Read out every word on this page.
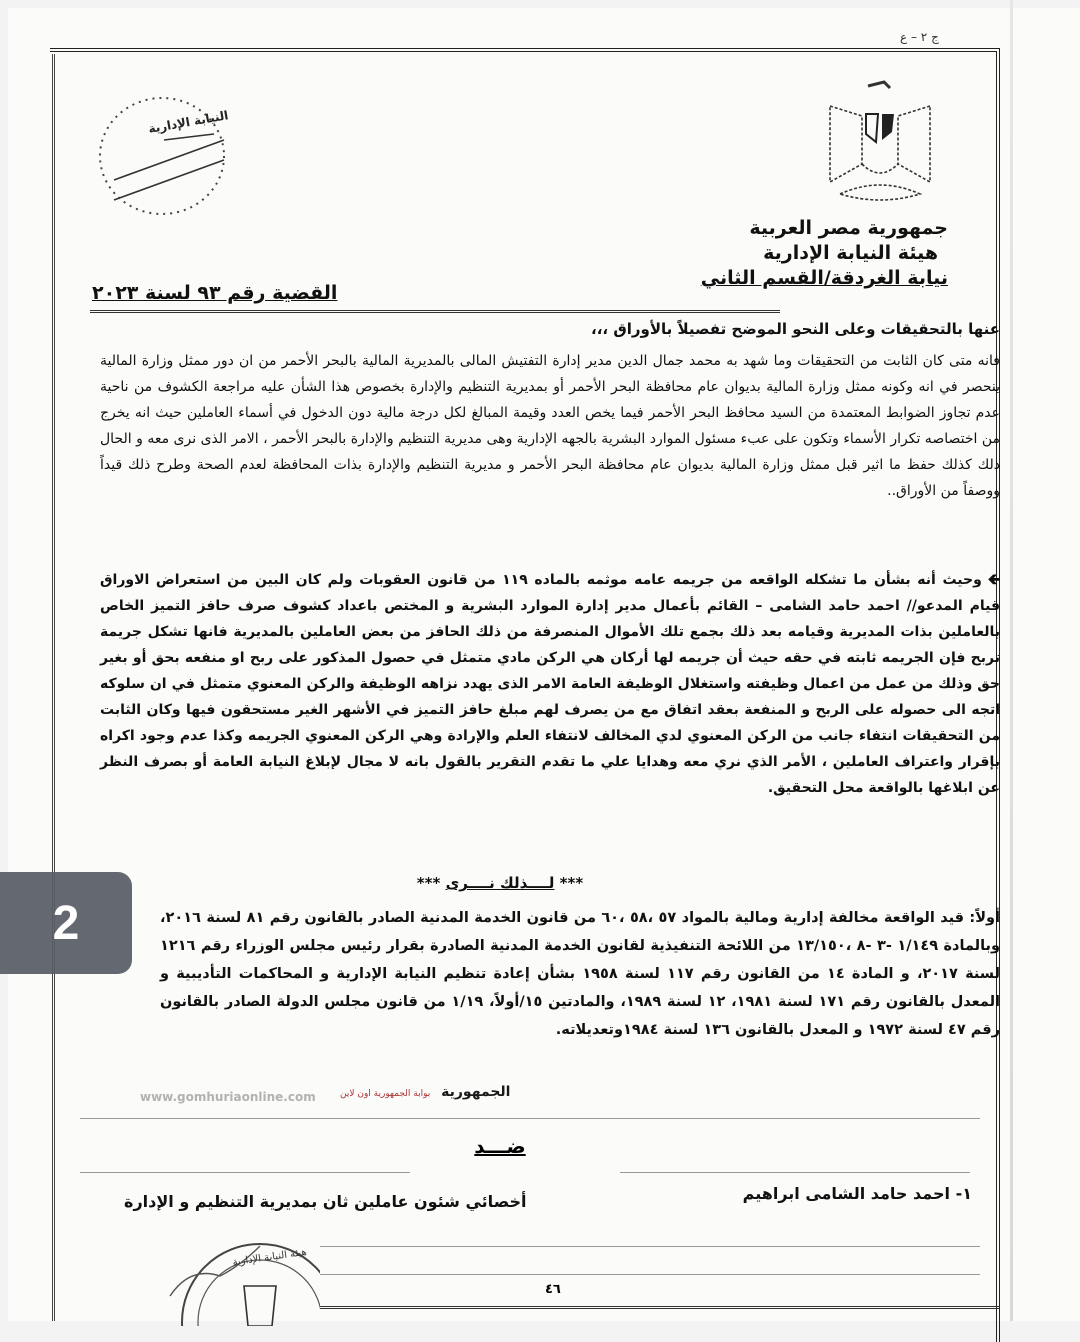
ج ٢ – ع
النيابة الإدارية
جمهورية مصر العربية
هيئة النيابة الإدارية
نيابة الغردقة/القسم الثاني
القضية رقم ٩٣ لسنة ٢٠٢٣
عنها بالتحقيقات وعلى النحو الموضح تفصيلاً بالأوراق ،،،
فانه متى كان الثابت من التحقيقات وما شهد به محمد جمال الدين مدير إدارة التفتيش المالى بالمديرية المالية بالبحر الأحمر من ان دور ممثل وزارة المالية ينحصر في انه وكونه ممثل وزارة المالية بديوان عام محافظة البحر الأحمر أو بمديرية التنظيم والإدارة بخصوص هذا الشأن عليه مراجعة الكشوف من ناحية عدم تجاوز الضوابط المعتمدة من السيد محافظ البحر الأحمر فيما يخص العدد وقيمة المبالغ لكل درجة مالية دون الدخول في أسماء العاملين حيث انه يخرج من اختصاصه تكرار الأسماء وتكون على عبء مسئول الموارد البشرية بالجهه الإدارية وهى مديرية التنظيم والإدارة بالبحر الأحمر ، الامر الذى نرى معه و الحال ذلك كذلك حفظ ما اثير قبل ممثل وزارة المالية بديوان عام محافظة البحر الأحمر و مديرية التنظيم والإدارة بذات المحافظة لعدم الصحة وطرح ذلك قيداً ووصفاً من الأوراق..
🡸وحيث أنه بشأن ما تشكله الواقعه من جريمه عامه موثمه بالماده ١١٩ من قانون العقوبات ولم كان البين من استعراض الاوراق قيام المدعو// احمد حامد الشامى – القائم بأعمال مدير إدارة الموارد البشرية و المختص باعداد كشوف صرف حافز التميز الخاص بالعاملين بذات المديرية وقيامه بعد ذلك بجمع تلك الأموال المنصرفة من ذلك الحافز من بعض العاملين بالمديرية فانها تشكل جريمة تربح فإن الجريمه ثابته في حقه حيث أن جريمه لها أركان هي الركن مادي متمثل في حصول المذكور على ربح او منفعه بحق أو بغير حق وذلك من عمل من اعمال وظيفته واستغلال الوظيفة العامة الامر الذى يهدد نزاهه الوظيفة والركن المعنوي متمثل في ان سلوكه اتجه الى حصوله على الربح و المنفعة بعقد اتفاق مع من يصرف لهم مبلغ حافز التميز في الأشهر الغير مستحقون فيها وكان الثابت من التحقيقات انتفاء جانب من الركن المعنوي لدي المخالف لانتفاء العلم والإرادة وهي الركن المعنوي الجريمه وكذا عدم وجود اكراه بإقرار واعتراف العاملين ، الأمر الذي نري معه وهدايا علي ما تقدم التقرير بالقول بانه لا مجال لإبلاغ النيابة العامة أو بصرف النظر عن ابلاغها بالواقعة محل التحقيق.
*** لــــذلك نــــرى ***
أولاً: قيد الواقعة مخالفة إدارية ومالية بالمواد ٥٧ ،٥٨ ،٦٠ من قانون الخدمة المدنية الصادر بالقانون رقم ٨١ لسنة ٢٠١٦، وبالمادة ١/١٤٩ -٣ -٨ ،١٣/١٥٠ من اللائحة التنفيذية لقانون الخدمة المدنية الصادرة بقرار رئيس مجلس الوزراء رقم ١٢١٦ لسنة ٢٠١٧، و المادة ١٤ من القانون رقم ١١٧ لسنة ١٩٥٨ بشأن إعادة تنظيم النيابة الإدارية و المحاكمات التأديبية و المعدل بالقانون رقم ١٧١ لسنة ١٩٨١، ١٢ لسنة ١٩٨٩، والمادتين ١٥/أولاً، ١/١٩ من قانون مجلس الدولة الصادر بالقانون رقم ٤٧ لسنة ١٩٧٢ و المعدل بالقانون ١٣٦ لسنة ١٩٨٤وتعديلاته.
www.gomhuriaonline.com	الجمهورية بوابة الجمهورية اون لاين
ضـــد
١- احمد حامد الشامى ابراهيم
أخصائي شئون عاملين ثان بمديرية التنظيم و الإدارة
هيئة النيابة الإدارية
٤٦
2
